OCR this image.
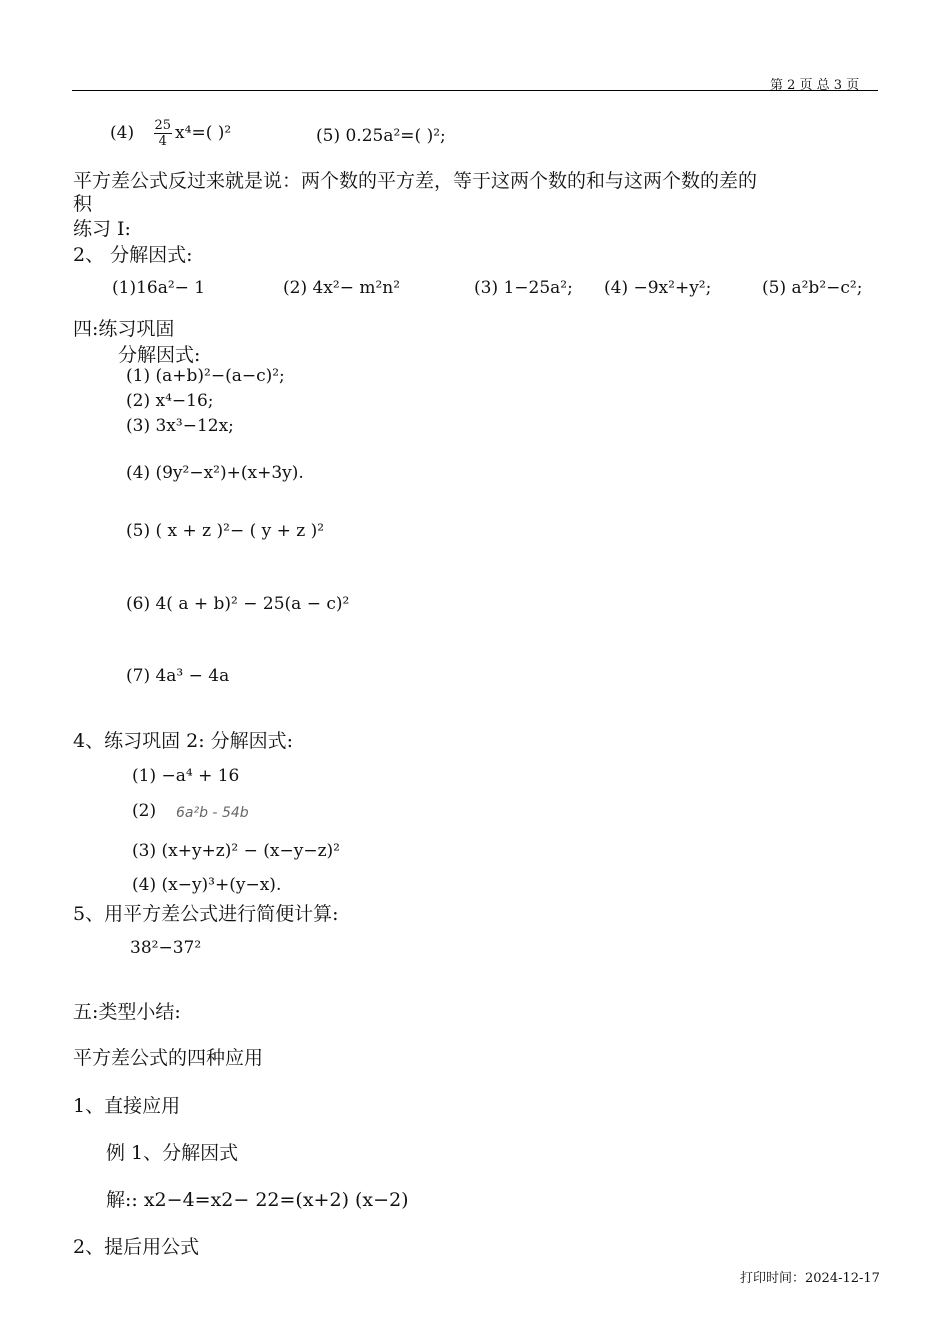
第 2 页 总 3 页
$(4) \frac{25}{4} x^4=$( )²	(5) 0.25a²=( )²;
平方差公式反过来就是说：两个数的平方差，等于这两个数的和与这两个数的差的
积
练习 I:
2、 分解因式:
(1)16a²− 1	(2) 4x²− m²n²	(3) 1−25a²; (4) −9x²+y²;	(5) a²b²−c²;
四:练习巩固
分解因式:
(1) (a+b)²−(a−c)²;
(2) x⁴−16;
(3) 3x³−12x;
(4) (9y²−x²)+(x+3y).
(5) ( x + z )²− ( y + z )²
(6) 4( a + b)² − 25(a − c)²
(7) 4a³ − 4a
4、练习巩固 2: 分解因式:
(1) −a⁴ + 16
(2) 6a²b - 54b
(3) (x+y+z)² − (x−y−z)²
(4) (x−y)³+(y−x).
5、用平方差公式进行简便计算:
38²−37²
五:类型小结:
平方差公式的四种应用
1、直接应用
例 1、分解因式
解:: x2−4=x2− 22=(x+2) (x−2)
2、提后用公式
打印时间：2024-12-17
